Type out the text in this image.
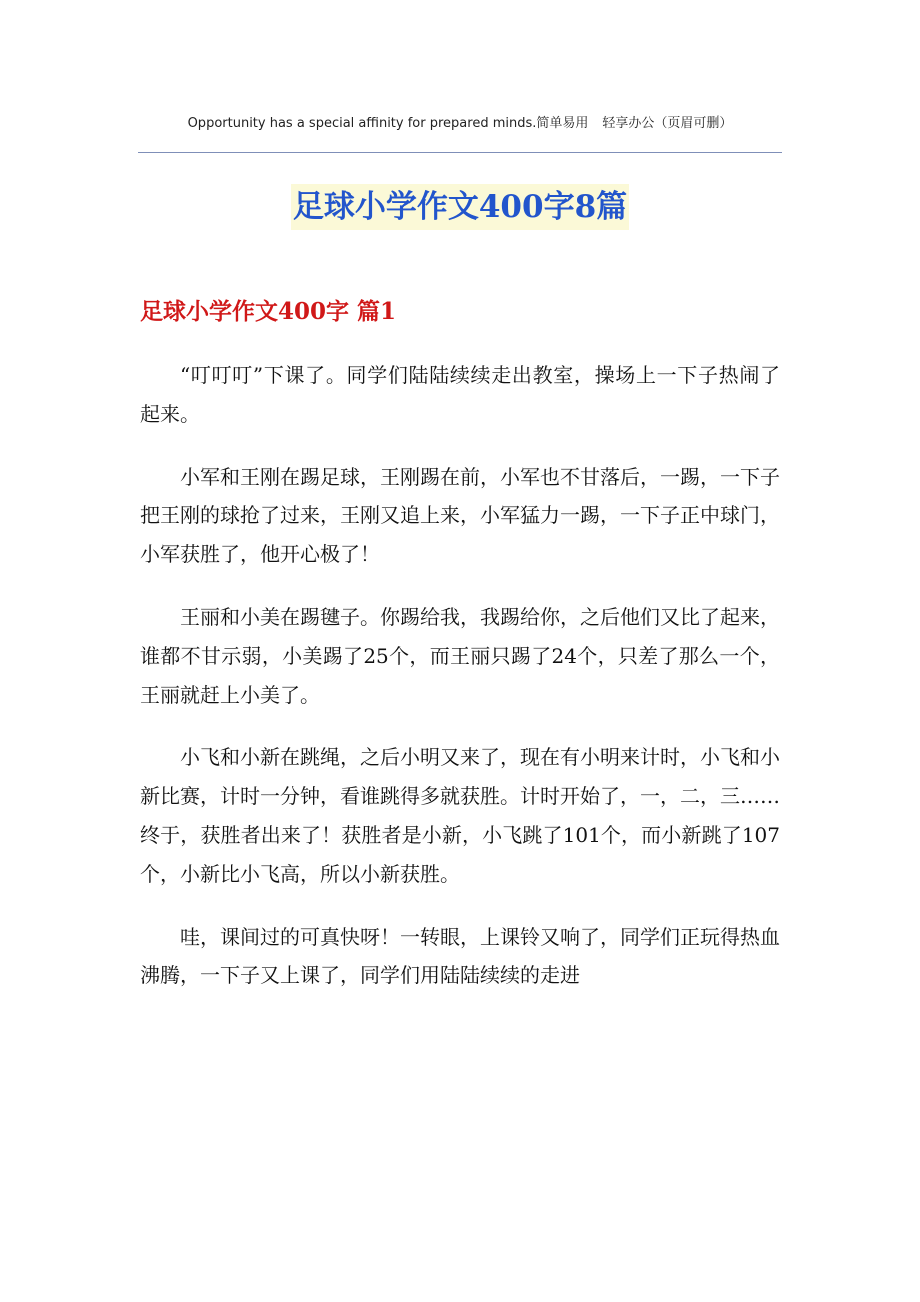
Opportunity has a special affinity for prepared minds.简单易用 轻享办公（页眉可删）
足球小学作文400字8篇
足球小学作文400字 篇1

“叮叮叮”下课了。同学们陆陆续续走出教室，操场上一下子热闹了起来。

小军和王刚在踢足球，王刚踢在前，小军也不甘落后，一踢，一下子把王刚的球抢了过来，王刚又追上来，小军猛力一踢，一下子正中球门，小军获胜了，他开心极了！

王丽和小美在踢毽子。你踢给我，我踢给你，之后他们又比了起来，谁都不甘示弱，小美踢了25个，而王丽只踢了24个，只差了那么一个，王丽就赶上小美了。

小飞和小新在跳绳，之后小明又来了，现在有小明来计时，小飞和小新比赛，计时一分钟，看谁跳得多就获胜。计时开始了，一，二，三……终于，获胜者出来了！获胜者是小新，小飞跳了101个，而小新跳了107个，小新比小飞高，所以小新获胜。

哇，课间过的可真快呀！一转眼，上课铃又响了，同学们正玩得热血沸腾，一下子又上课了，同学们用陆陆续续的走进
